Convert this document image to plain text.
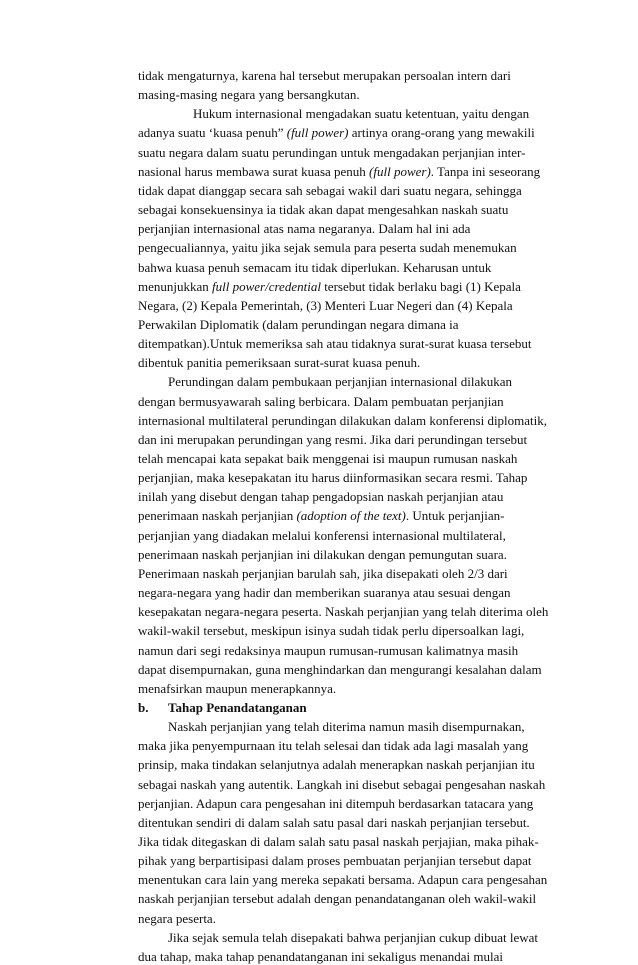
tidak mengaturnya, karena hal tersebut merupakan persoalan intern dari
masing-masing negara yang bersangkutan.
Hukum internasional mengadakan suatu ketentuan, yaitu dengan
adanya suatu ‘kuasa penuh” (full power) artinya orang-orang yang mewakili
suatu negara dalam suatu perundingan untuk mengadakan perjanjian inter-
nasional harus membawa surat kuasa penuh (full power). Tanpa ini seseorang
tidak dapat dianggap secara sah sebagai wakil dari suatu negara, sehingga
sebagai konsekuensinya ia tidak akan dapat mengesahkan naskah suatu
perjanjian internasional atas nama negaranya. Dalam hal ini ada
pengecualiannya, yaitu jika sejak semula para peserta sudah menemukan
bahwa kuasa penuh semacam itu tidak diperlukan. Keharusan untuk
menunjukkan full power/credential tersebut tidak berlaku bagi (1) Kepala
Negara, (2) Kepala Pemerintah, (3) Menteri Luar Negeri dan (4) Kepala
Perwakilan Diplomatik (dalam perundingan negara dimana ia
ditempatkan).Untuk memeriksa sah atau tidaknya surat-surat kuasa tersebut
dibentuk panitia pemeriksaan surat-surat kuasa penuh.
Perundingan dalam pembukaan perjanjian internasional dilakukan
dengan bermusyawarah saling berbicara. Dalam pembuatan perjanjian
internasional multilateral perundingan dilakukan dalam konferensi diplomatik,
dan ini merupakan perundingan yang resmi. Jika dari perundingan tersebut
telah mencapai kata sepakat baik menggenai isi maupun rumusan naskah
perjanjian, maka kesepakatan itu harus diinformasikan secara resmi. Tahap
inilah yang disebut dengan tahap pengadopsian naskah perjanjian atau
penerimaan naskah perjanjian (adoption of the text). Untuk perjanjian-
perjanjian yang diadakan melalui konferensi internasional multilateral,
penerimaan naskah perjanjian ini dilakukan dengan pemungutan suara.
Penerimaan naskah perjanjian barulah sah, jika disepakati oleh 2/3 dari
negara-negara yang hadir dan memberikan suaranya atau sesuai dengan
kesepakatan negara-negara peserta. Naskah perjanjian yang telah diterima oleh
wakil-wakil tersebut, meskipun isinya sudah tidak perlu dipersoalkan lagi,
namun dari segi redaksinya maupun rumusan-rumusan kalimatnya masih
dapat disempurnakan, guna menghindarkan dan mengurangi kesalahan dalam
menafsirkan maupun menerapkannya.
b. Tahap Penandatanganan
Naskah perjanjian yang telah diterima namun masih disempurnakan,
maka jika penyempurnaan itu telah selesai dan tidak ada lagi masalah yang
prinsip, maka tindakan selanjutnya adalah menerapkan naskah perjanjian itu
sebagai naskah yang autentik. Langkah ini disebut sebagai pengesahan naskah
perjanjian. Adapun cara pengesahan ini ditempuh berdasarkan tatacara yang
ditentukan sendiri di dalam salah satu pasal dari naskah perjanjian tersebut.
Jika tidak ditegaskan di dalam salah satu pasal naskah perjajian, maka pihak-
pihak yang berpartisipasi dalam proses pembuatan perjanjian tersebut dapat
menentukan cara lain yang mereka sepakati bersama. Adapun cara pengesahan
naskah perjanjian tersebut adalah dengan penandatanganan oleh wakil-wakil
negara peserta.
Jika sejak semula telah disepakati bahwa perjanjian cukup dibuat lewat
dua tahap, maka tahap penandatanganan ini sekaligus menandai mulai
